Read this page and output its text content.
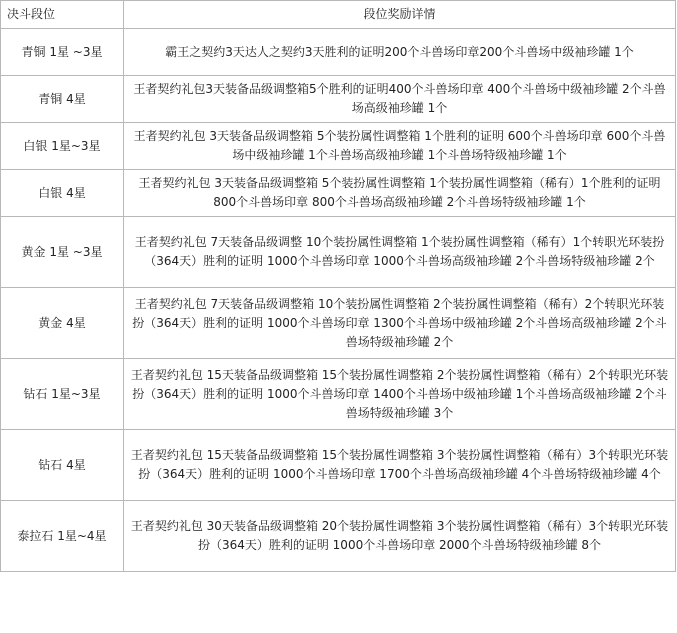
决斗段位	段位奖励详情
青铜 1星 ~3星	霸王之契约3天达人之契约3天胜利的证明200个斗兽场印章200个斗兽场中级袖珍罐 1个
青铜 4星	王者契约礼包3天装备品级调整箱5个胜利的证明400个斗兽场印章 400个斗兽场中级袖珍罐 2个斗兽场高级袖珍罐 1个
白银 1星~3星	王者契约礼包 3天装备品级调整箱 5个装扮属性调整箱 1个胜利的证明 600个斗兽场印章 600个斗兽场中级袖珍罐 1个斗兽场高级袖珍罐 1个斗兽场特级袖珍罐 1个
白银 4星	王者契约礼包 3天装备品级调整箱 5个装扮属性调整箱 1个装扮属性调整箱（稀有）1个胜利的证明 800个斗兽场印章 800个斗兽场高级袖珍罐 2个斗兽场特级袖珍罐 1个
黄金 1星 ~3星	王者契约礼包 7天装备品级调整 10个装扮属性调整箱 1个装扮属性调整箱（稀有）1个转职光环装扮（364天）胜利的证明 1000个斗兽场印章 1000个斗兽场高级袖珍罐 2个斗兽场特级袖珍罐 2个
黄金 4星	王者契约礼包 7天装备品级调整箱 10个装扮属性调整箱 2个装扮属性调整箱（稀有）2个转职光环装扮（364天）胜利的证明 1000个斗兽场印章 1300个斗兽场中级袖珍罐 2个斗兽场高级袖珍罐 2个斗兽场特级袖珍罐 2个
钻石 1星~3星	王者契约礼包 15天装备品级调整箱 15个装扮属性调整箱 2个装扮属性调整箱（稀有）2个转职光环装扮（364天）胜利的证明 1000个斗兽场印章 1400个斗兽场中级袖珍罐 1个斗兽场高级袖珍罐 2个斗兽场特级袖珍罐 3个
钻石 4星	王者契约礼包 15天装备品级调整箱 15个装扮属性调整箱 3个装扮属性调整箱（稀有）3个转职光环装扮（364天）胜利的证明 1000个斗兽场印章 1700个斗兽场高级袖珍罐 4个斗兽场特级袖珍罐 4个
泰拉石 1星~4星	王者契约礼包 30天装备品级调整箱 20个装扮属性调整箱 3个装扮属性调整箱（稀有）3个转职光环装扮（364天）胜利的证明 1000个斗兽场印章 2000个斗兽场特级袖珍罐 8个
